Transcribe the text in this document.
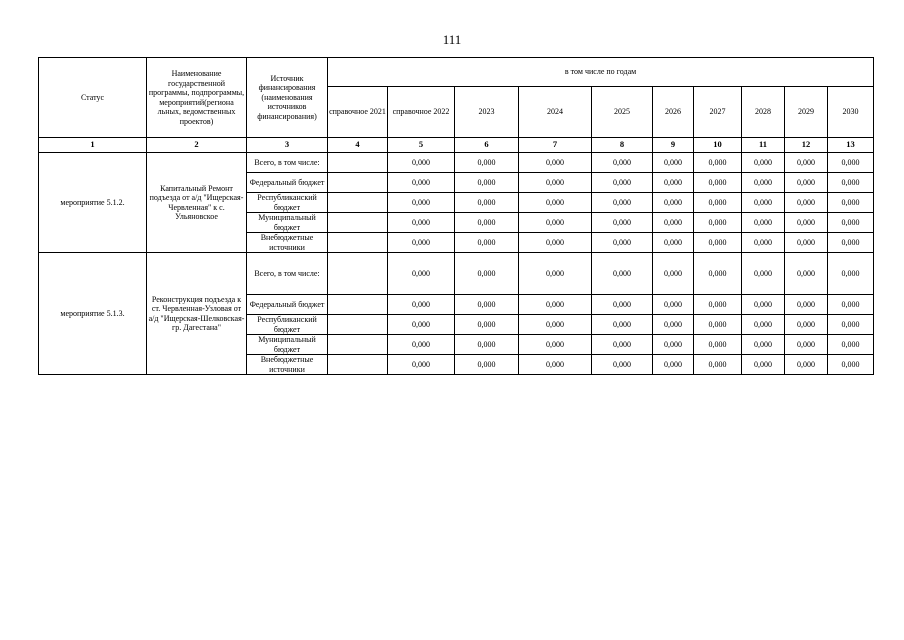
111
Статус	Наименование государственной программы, подпрограммы, мероприятий(региона льных, ведомственных проектов)	Источник финансирования (наименования источников финансирования)	в том числе по годам									
			справочное 2021	справочное 2022	2023	2024	2025	2026	2027	2028	2029	2030
1	2	3	4	5	6	7	8	9	10	11	12	13
мероприятие 5.1.2.	Капитальный Ремонт подъезда от а/д "Ищерская-Червленная" к с. Ульяновское	Всего, в том числе:		0,000	0,000	0,000	0,000	0,000	0,000	0,000	0,000	0,000
		Федеральный бюджет		0,000	0,000	0,000	0,000	0,000	0,000	0,000	0,000	0,000
		Республиканский бюджет		0,000	0,000	0,000	0,000	0,000	0,000	0,000	0,000	0,000
		Муниципальный бюджет		0,000	0,000	0,000	0,000	0,000	0,000	0,000	0,000	0,000
		Внебюджетные источники		0,000	0,000	0,000	0,000	0,000	0,000	0,000	0,000	0,000
мероприятие 5.1.3.	Реконструкция подъезда к ст. Червленная-Узловая от а/д "Ищерская-Шелковская-гр. Дагестана"	Всего, в том числе:		0,000	0,000	0,000	0,000	0,000	0,000	0,000	0,000	0,000
		Федеральный бюджет		0,000	0,000	0,000	0,000	0,000	0,000	0,000	0,000	0,000
		Республиканский бюджет		0,000	0,000	0,000	0,000	0,000	0,000	0,000	0,000	0,000
		Муниципальный бюджет		0,000	0,000	0,000	0,000	0,000	0,000	0,000	0,000	0,000
		Внебюджетные источники		0,000	0,000	0,000	0,000	0,000	0,000	0,000	0,000	0,000
